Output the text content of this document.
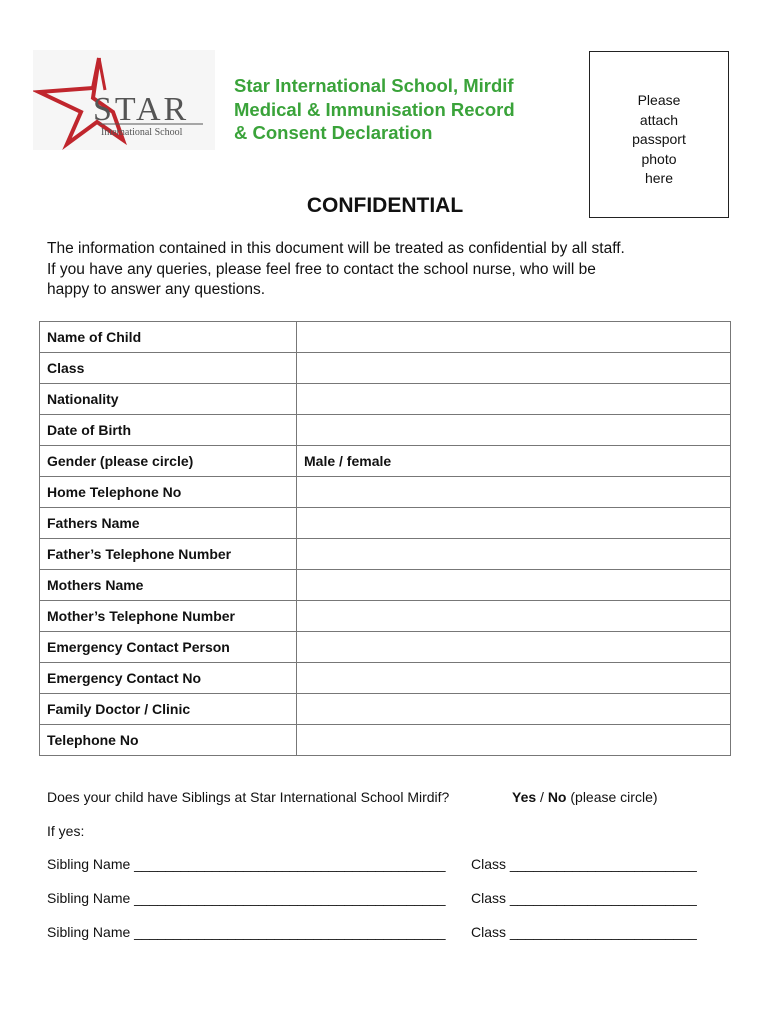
STAR
International School
Star International School, Mirdif
Medical & Immunisation Record
& Consent Declaration
Please
attach
passport
photo
here
CONFIDENTIAL
The information contained in this document will be treated as confidential by all staff.
If you have any queries, please feel free to contact the school nurse, who will be
happy to answer any questions.
Name of Child	
Class	
Nationality	
Date of Birth	
Gender (please circle)	Male / female
Home Telephone No	
Fathers Name	
Father’s Telephone Number	
Mothers Name	
Mother’s Telephone Number	
Emergency Contact Person	
Emergency Contact No	
Family Doctor / Clinic	
Telephone No	
Does your child have Siblings at Star International School Mirdif?	Yes / No (please circle)
If yes:
Sibling Name ________________________________________ Class ________________________
Sibling Name ________________________________________ Class ________________________
Sibling Name ________________________________________ Class ________________________
